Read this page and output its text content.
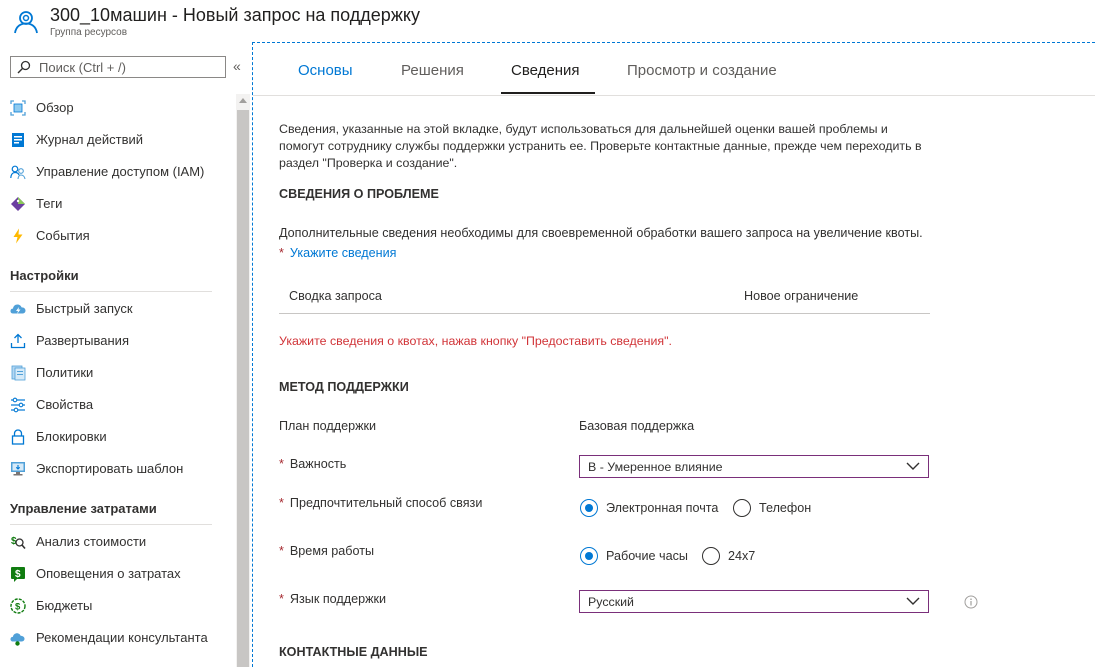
300_10машин - Новый запрос на поддержку
Группа ресурсов
Поиск (Ctrl + /)
«
Обзор
Журнал действий
Управление доступом (IAM)
Теги
События
Настройки
Быстрый запуск
Развертывания
Политики
Свойства
Блокировки
Экспортировать шаблон
Управление затратами
$ Анализ стоимости
$ Оповещения о затратах
$ Бюджеты
Рекомендации консультанта
Основы	Решения	Сведения	Просмотр и создание
Сведения, указанные на этой вкладке, будут использоваться для дальнейшей оценки вашей проблемы и помогут сотруднику службы поддержки устранить ее. Проверьте контактные данные, прежде чем переходить в раздел "Проверка и создание".
СВЕДЕНИЯ О ПРОБЛЕМЕ
Дополнительные сведения необходимы для своевременной обработки вашего запроса на увеличение квоты.
* Укажите сведения
Сводка запроса	Новое ограничение
Укажите сведения о квотах, нажав кнопку "Предоставить сведения".
МЕТОД ПОДДЕРЖКИ
План поддержки	Базовая поддержка
* Важность	B - Умеренное влияние
* Предпочтительный способ связи	Электронная почта	Телефон
* Время работы	Рабочие часы	24x7
* Язык поддержки	Русский
КОНТАКТНЫЕ ДАННЫЕ
